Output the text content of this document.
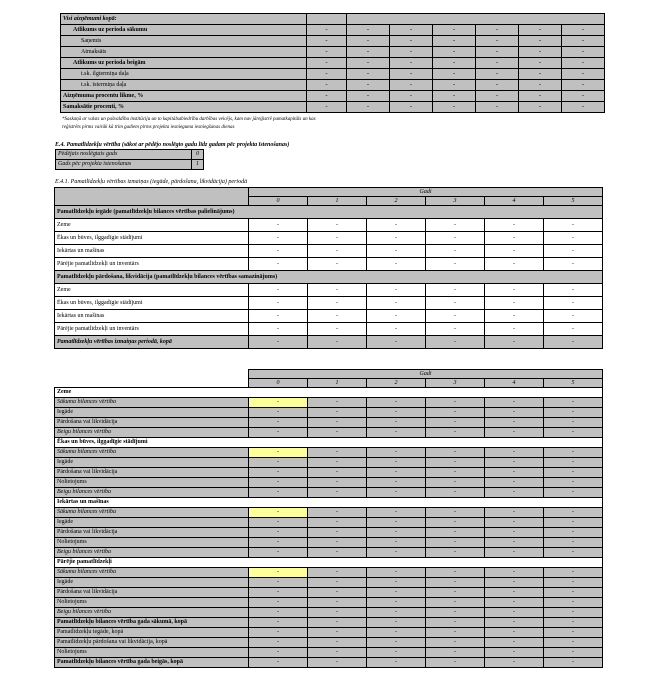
Visi aizņēmumi kopā:							
Atlikums uz perioda sākumu	-	-	-	-	-	-	-
Saņemts	-	-	-	-	-	-	-
Atmaksāts	-	-	-	-	-	-	-
Atlikums uz perioda beigām	-	-	-	-	-	-	-
t.sk. ilgtermiņa daļa	-	-	-	-	-	-	-
t.sk. īstermiņa daļa	-	-	-	-	-	-	-
Aizņēmuma procentu likme, %	-	-	-	-	-	-	-
Samaksātie procenti, %	-	-	-	-	-	-	-
*Saskaņā ar valsts un pašvaldību institūciju un to kapitālsabiedrību darbības veicējs, kam nav jāreģistrē pamatkapitāls un kas
reģistrēts pirms vairāk kā trim gadiem pirms projekta iesnieguma iesniegšanas dienas
E.4. Pamatlīdzekļu vērtība (sākot ar pēdējo noslēgto gadu līdz gadam pēc projekta īstenošanas)
Pēdējais noslēgtais gads	0
Gads pēc projekta īstenošanas	1
E.4.1. Pamatlīdzekļu vērtības izmaiņas (iegāde, pārdošana, likvidācija) periodā
	Gadi					
	0	1	2	3	4	5
Pamatlīdzekļu iegāde (pamatlīdzekļu bilances vērtības palielinājums)						
Zeme	-	-	-	-	-	-
Ēkas un būves, ilggadīgie stādījumi	-	-	-	-	-	-
Iekārtas un mašīnas	-	-	-	-	-	-
Pārējie pamatlīdzekļi un inventārs	-	-	-	-	-	-
Pamatlīdzekļu pārdošana, likvidācija (pamatlīdzekļu bilances vērtības samazinājums)						
Zeme	-	-	-	-	-	-
Ēkas un būves, ilggadīgie stādījumi	-	-	-	-	-	-
Iekārtas un mašīnas	-	-	-	-	-	-
Pārējie pamatlīdzekļi un inventārs	-	-	-	-	-	-
Pamatlīdzekļu vērtības izmaiņas periodā, kopā	-	-	-	-	-	-
	Gadi					
	0	1	2	3	4	5
Zeme						
Sākuma bilances vērtība	-	-	-	-	-	-
Iegāde	-	-	-	-	-	-
Pārdošana vai likvidācija	-	-	-	-	-	-
Beigu bilances vērtība	-	-	-	-	-	-
Ēkas un būves, ilggadīgie stādījumi						
Sākuma bilances vērtība	-	-	-	-	-	-
Iegāde	-	-	-	-	-	-
Pārdošana vai likvidācija	-	-	-	-	-	-
Nolietojums	-	-	-	-	-	-
Beigu bilances vērtība	-	-	-	-	-	-
Iekārtas un mašīnas						
Sākuma bilances vērtība	-	-	-	-	-	-
Iegāde	-	-	-	-	-	-
Pārdošana vai likvidācija	-	-	-	-	-	-
Nolietojums	-	-	-	-	-	-
Beigu bilances vērtība	-	-	-	-	-	-
Pārējie pamatlīdzekļi						
Sākuma bilances vērtība	-	-	-	-	-	-
Iegāde	-	-	-	-	-	-
Pārdošana vai likvidācija	-	-	-	-	-	-
Nolietojums	-	-	-	-	-	-
Beigu bilances vērtība	-	-	-	-	-	-
Pamatlīdzekļu bilances vērtība gada sākumā, kopā	-	-	-	-	-	-
Pamatlīdzekļu iegāde, kopā	-	-	-	-	-	-
Pamatlīdzekļu pārdošana vai likvidācija, kopā	-	-	-	-	-	-
Nolietojums	-	-	-	-	-	-
Pamatlīdzekļu bilances vērtība gada beigās, kopā	-	-	-	-	-	-
